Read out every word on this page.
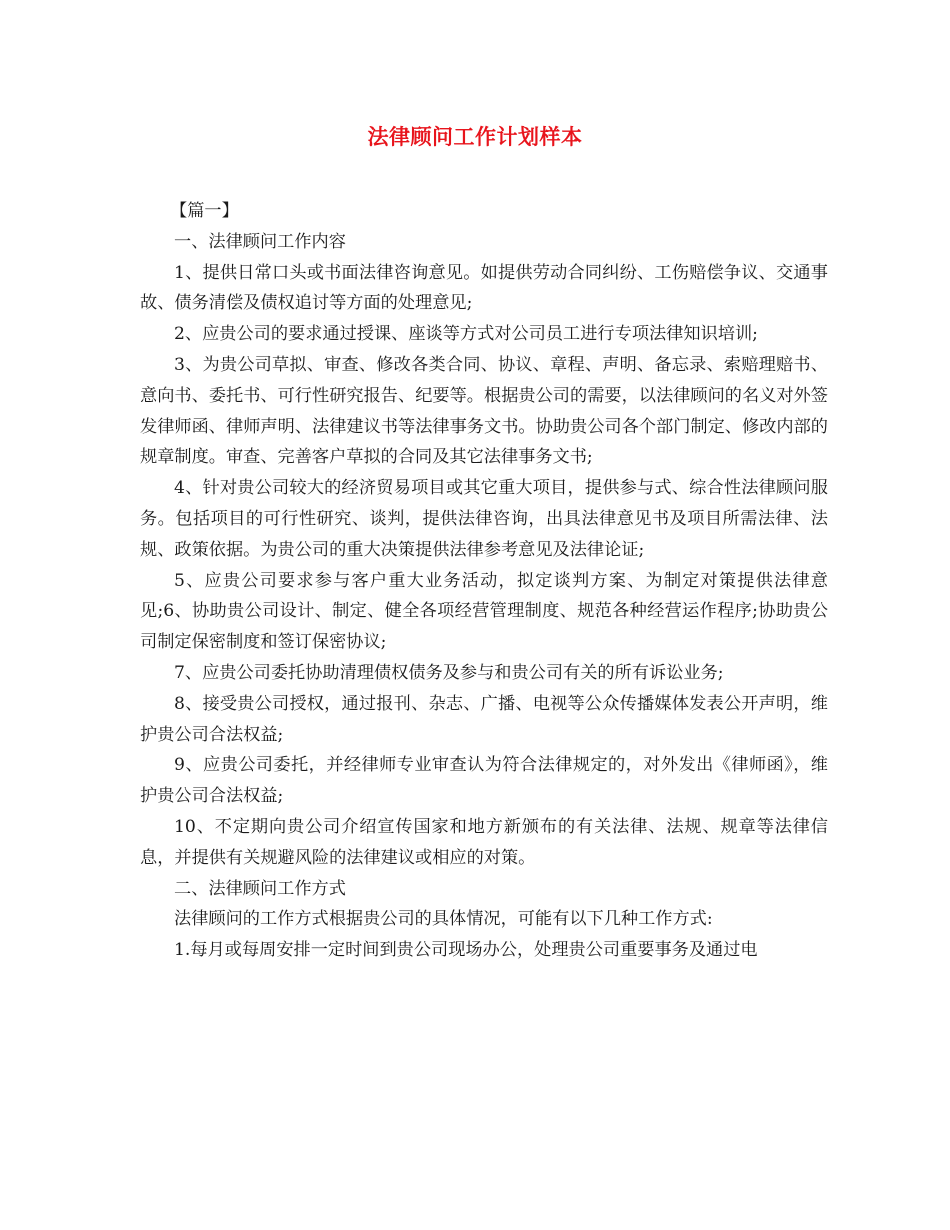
法律顾问工作计划样本

【篇一】

一、法律顾问工作内容

1、提供日常口头或书面法律咨询意见。如提供劳动合同纠纷、工伤赔偿争议、交通事故、债务清偿及债权追讨等方面的处理意见;

2、应贵公司的要求通过授课、座谈等方式对公司员工进行专项法律知识培训;

3、为贵公司草拟、审查、修改各类合同、协议、章程、声明、备忘录、索赔理赔书、意向书、委托书、可行性研究报告、纪要等。根据贵公司的需要，以法律顾问的名义对外签发律师函、律师声明、法律建议书等法律事务文书。协助贵公司各个部门制定、修改内部的规章制度。审查、完善客户草拟的合同及其它法律事务文书;

4、针对贵公司较大的经济贸易项目或其它重大项目，提供参与式、综合性法律顾问服务。包括项目的可行性研究、谈判，提供法律咨询，出具法律意见书及项目所需法律、法规、政策依据。为贵公司的重大决策提供法律参考意见及法律论证;

5、应贵公司要求参与客户重大业务活动，拟定谈判方案、为制定对策提供法律意见;6、协助贵公司设计、制定、健全各项经营管理制度、规范各种经营运作程序;协助贵公司制定保密制度和签订保密协议;

7、应贵公司委托协助清理债权债务及参与和贵公司有关的所有诉讼业务;

8、接受贵公司授权，通过报刊、杂志、广播、电视等公众传播媒体发表公开声明，维护贵公司合法权益;

9、应贵公司委托，并经律师专业审查认为符合法律规定的，对外发出《律师函》，维护贵公司合法权益;

10、不定期向贵公司介绍宣传国家和地方新颁布的有关法律、法规、规章等法律信息，并提供有关规避风险的法律建议或相应的对策。

二、法律顾问工作方式

法律顾问的工作方式根据贵公司的具体情况，可能有以下几种工作方式:

1.每月或每周安排一定时间到贵公司现场办公，处理贵公司重要事务及通过电
